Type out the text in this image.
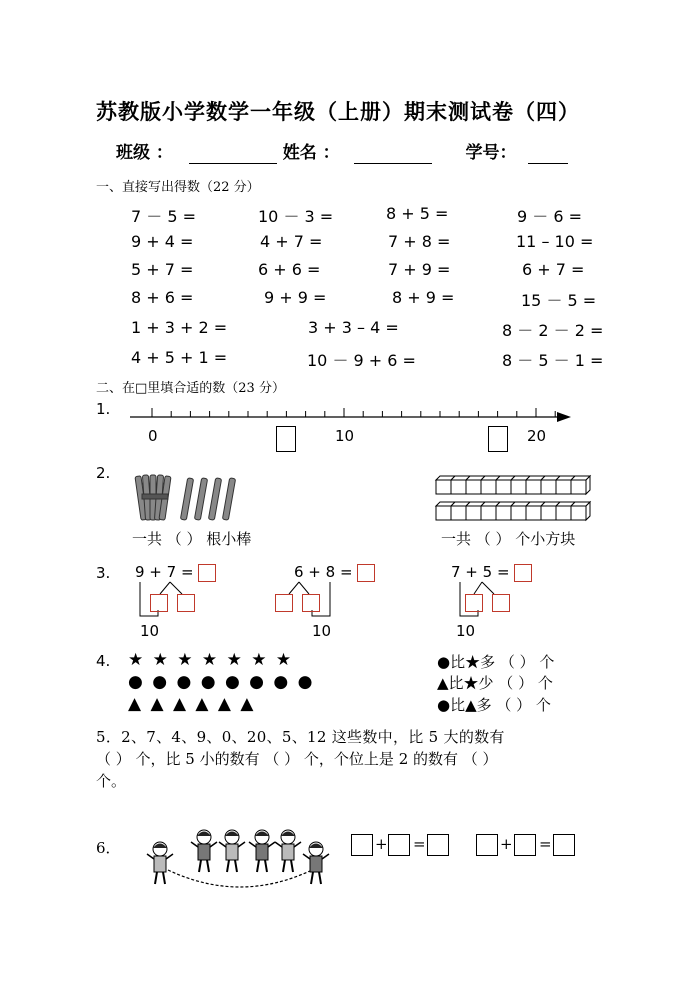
苏教版小学数学一年级（上册）期末测试卷（四）
班级 ：	姓名 ：	学号：
一、直接写出得数（22 分）
7 － 5 =	10 － 3 =	8 + 5 =	9 － 6 =
9 + 4 =	4 + 7 =	7 + 8 =	11 – 10 =
5 + 7 =	6 + 6 =	7 + 9 =	6 + 7 =
8 + 6 =	9 + 9 =	8 + 9 =	15 － 5 =
1 + 3 + 2 =	3 + 3 – 4 =	8 － 2 － 2 =
4 + 5 + 1 =	10 － 9 + 6 =	8 － 5 － 1 =
二、在□里填合适的数（23 分）
1.
0	10	20
2.
一共 （ ） 根小棒	一共 （ ） 个小方块
3. 9 + 7 =
10
6 + 8 =
10
7 + 5 =
10
4. ★ ★ ★ ★ ★ ★ ★
● ● ● ● ● ● ● ●
▲ ▲ ▲ ▲ ▲ ▲
●比★多 （ ） 个
▲比★少 （ ） 个
●比▲多 （ ） 个
5．2、7、4、9、0、20、5、12 这些数中，比 5 大的数有
（ ） 个，比 5 小的数有 （ ） 个，个位上是 2 的数有 （ ）
个。
6．	+ =	+ =
